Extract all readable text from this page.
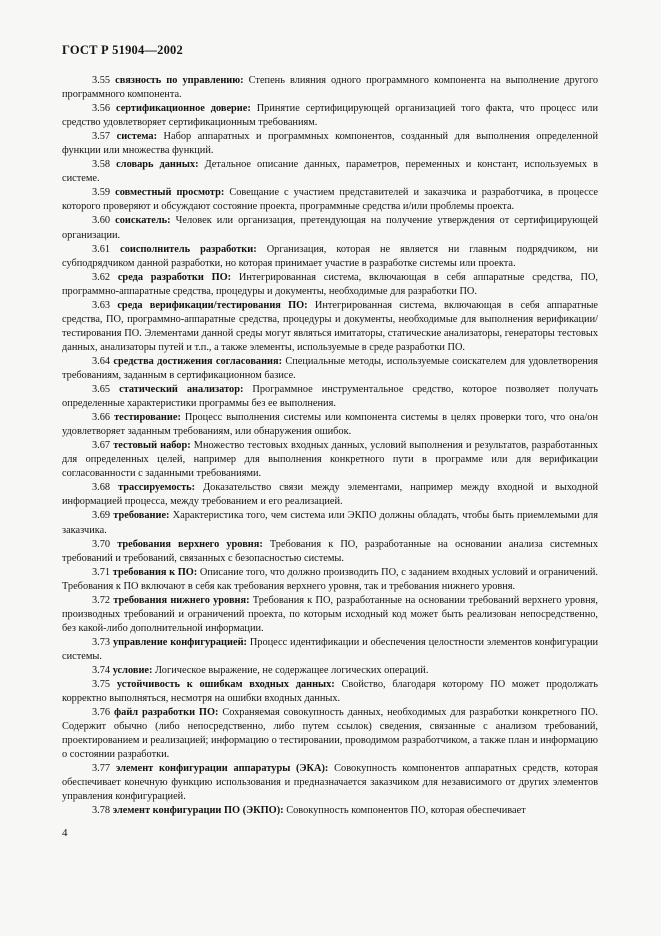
ГОСТ Р 51904—2002

3.55 связность по управлению: Степень влияния одного программного компонента на выполнение другого программного компонента.

3.56 сертификационное доверие: Принятие сертифицирующей организацией того факта, что процесс или средство удовлетворяет сертификационным требованиям.

3.57 система: Набор аппаратных и программных компонентов, созданный для выполнения определенной функции или множества функций.

3.58 словарь данных: Детальное описание данных, параметров, переменных и констант, используемых в системе.

3.59 совместный просмотр: Совещание с участием представителей и заказчика и разработчика, в процессе которого проверяют и обсуждают состояние проекта, программные средства и/или проблемы проекта.

3.60 соискатель: Человек или организация, претендующая на получение утверждения от сертифицирующей организации.

3.61 соисполнитель разработки: Организация, которая не является ни главным подрядчиком, ни субподрядчиком данной разработки, но которая принимает участие в разработке системы или проекта.

3.62 среда разработки ПО: Интегрированная система, включающая в себя аппаратные средства, ПО, программно-аппаратные средства, процедуры и документы, необходимые для разработки ПО.

3.63 среда верификации/тестирования ПО: Интегрированная система, включающая в себя аппаратные средства, ПО, программно-аппаратные средства, процедуры и документы, необходимые для выполнения верификации/тестирования ПО. Элементами данной среды могут являться имитаторы, статические анализаторы, генераторы тестовых данных, анализаторы путей и т.п., а также элементы, используемые в среде разработки ПО.

3.64 средства достижения согласования: Специальные методы, используемые соискателем для удовлетворения требованиям, заданным в сертификационном базисе.

3.65 статический анализатор: Программное инструментальное средство, которое позволяет получать определенные характеристики программы без ее выполнения.

3.66 тестирование: Процесс выполнения системы или компонента системы в целях проверки того, что она/он удовлетворяет заданным требованиям, или обнаружения ошибок.

3.67 тестовый набор: Множество тестовых входных данных, условий выполнения и результатов, разработанных для определенных целей, например для выполнения конкретного пути в программе или для верификации согласованности с заданными требованиями.

3.68 трассируемость: Доказательство связи между элементами, например между входной и выходной информацией процесса, между требованием и его реализацией.

3.69 требование: Характеристика того, чем система или ЭКПО должны обладать, чтобы быть приемлемыми для заказчика.

3.70 требования верхнего уровня: Требования к ПО, разработанные на основании анализа системных требований и требований, связанных с безопасностью системы.

3.71 требования к ПО: Описание того, что должно производить ПО, с заданием входных условий и ограничений. Требования к ПО включают в себя как требования верхнего уровня, так и требования нижнего уровня.

3.72 требования нижнего уровня: Требования к ПО, разработанные на основании требований верхнего уровня, производных требований и ограничений проекта, по которым исходный код может быть реализован непосредственно, без какой-либо дополнительной информации.

3.73 управление конфигурацией: Процесс идентификации и обеспечения целостности элементов конфигурации системы.

3.74 условие: Логическое выражение, не содержащее логических операций.

3.75 устойчивость к ошибкам входных данных: Свойство, благодаря которому ПО может продолжать корректно выполняться, несмотря на ошибки входных данных.

3.76 файл разработки ПО: Сохраняемая совокупность данных, необходимых для разработки конкретного ПО. Содержит обычно (либо непосредственно, либо путем ссылок) сведения, связанные с анализом требований, проектированием и реализацией; информацию о тестировании, проводимом разработчиком, а также план и информацию о состоянии разработки.

3.77 элемент конфигурации аппаратуры (ЭКА): Совокупность компонентов аппаратных средств, которая обеспечивает конечную функцию использования и предназначается заказчиком для независимого от других элементов управления конфигурацией.

3.78 элемент конфигурации ПО (ЭКПО): Совокупность компонентов ПО, которая обеспечивает

4
